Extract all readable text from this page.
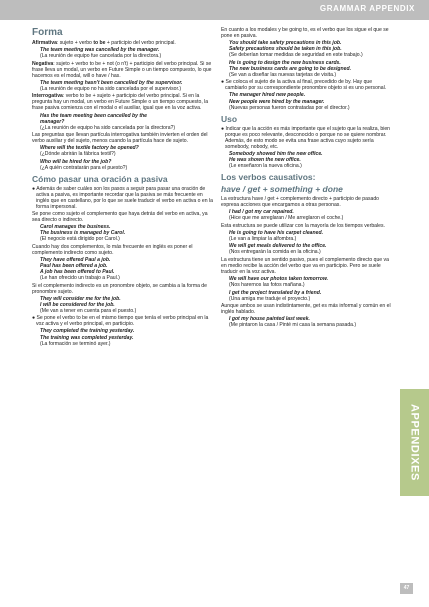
GRAMMAR APPENDIX
Forma
Afirmativa: sujeto + verbo to be + participio del verbo principal.
The team meeting was cancelled by the manager.
(La reunión de equipo fue cancelada por la directora.)
Negativa: sujeto + verbo to be + not (o n't) + participio del verbo principal. Si se frase lleva un modal, un verbo en Future Simple o un tiempo compuesto, lo que hacemos es el modal, will o have / has.
The team meeting hasn't been cancelled by the supervisor.
(La reunión de equipo no ha sido cancelada por el supervisor.)
Interrogativa: verbo to be + sujeto + participio del verbo principal. Si en la pregunta hay un modal, un verbo en Future Simple o un tiempo compuesto, la frase pasiva comienza con el modal o el auxiliar, igual que en la voz activa.
Has the team meeting been cancelled by the
manager?
(¿La reunión de equipo ha sido cancelada por la directora?)
Las preguntas que llevan partícula interrogativa también invierten el orden del verbo auxiliar y del sujeto, menos cuando la partícula hace de sujeto.
Where will the textile factory be opened?
(¿Dónde abrirán la fábrica textil?)
Who will be hired for the job?
(¿A quién contratarán para el puesto?)
Cómo pasar una oración a pasiva
● Además de saber cuáles son los pasos a seguir para pasar una oración de activa a pasiva, es importante recordar que la pasiva se más frecuente en inglés que en castellano, por lo que se suele traducir el verbo en activa o en la forma impersonal.
Se pone como sujeto el complemento que haya detrás del verbo en activa, ya sea directo o indirecto.
Carol manages the business.
The business is managed by Carol.
(El negocio está dirigido por Carol.)
Cuando hay dos complementos, lo más frecuente en inglés es poner el complemento indirecto como sujeto.
They have offered Paul a job.
Paul has been offered a job.
A job has been offered to Paul.
(Le han ofrecido un trabajo a Paul.)
Si el complemento indirecto es un pronombre objeto, se cambia a la forma de pronombre sujeto.
They will consider me for the job.
I will be considered for the job.
(Me van a tener en cuenta para el puesto.)
● Se pone el verbo to be en el mismo tiempo que tenía el verbo principal en la voz activa y el verbo principal, en participio.
They completed the training yesterday.
The training was completed yesterday.
(La formación se terminó ayer.)
En cuanto a los modales y be going to, es el verbo que los sigue el que se pone en pasiva.
You should take safety precautions in this job.
Safety precautions should be taken in this job.
(Se deberían tomar medidas de seguridad en este trabajo.)
He is going to design the new business cards.
The new business cards are going to be designed.
(Se van a diseñar las nuevas tarjetas de visita.)
● Se coloca el sujeto de la activa al final, precedido de by. Hay que cambiarlo por su correspondiente pronombre objeto si es uno personal.
The manager hired new people.
New people were hired by the manager.
(Nuevas personas fueron contratadas por el director.)
Uso
● Indicar que la acción es más importante que el sujeto que la realiza, bien porque es poco relevante, desconocido o porque no se quiere nombrar. Además, de esto modo se evita una frase activa cuyo sujeto sería somebody, nobody, etc.
Somebody showed him the new office.
He was shown the new office.
(Le enseñaron la nueva oficina.)
Los verbos causativos:
have / get + something + done
La estructura have / get + complemento directo + participio de pasado expresa acciones que encargamos a otras personas.
I had / got my car repaired.
(Hice que me arreglaran / Me arreglaron el coche.)
Esta estructura se puede utilizar con la mayoría de los tiempos verbales.
He is going to have his carpet cleaned.
(Le van a limpiar la alfombra.)
We will get meals delivered to the office.
(Nos entregarán la comida en la oficina.)
La estructura tiene un sentido pasivo, pues el complemento directo que va en medio recibe la acción del verbo que va en participio. Pero se suele traducir en la voz activa.
We will have our photos taken tomorrow.
(Nos harernos las fotos mañana.)
I get the project translated by a friend.
(Una amiga me traduje el proyecto.)
Aunque ambos se usan indistintamente, get es más informal y común en el inglés hablado.
I got my house painted last week.
(Me pintaron la casa / Pinté mi casa la semana pasada.)
APPENDIXES
47
